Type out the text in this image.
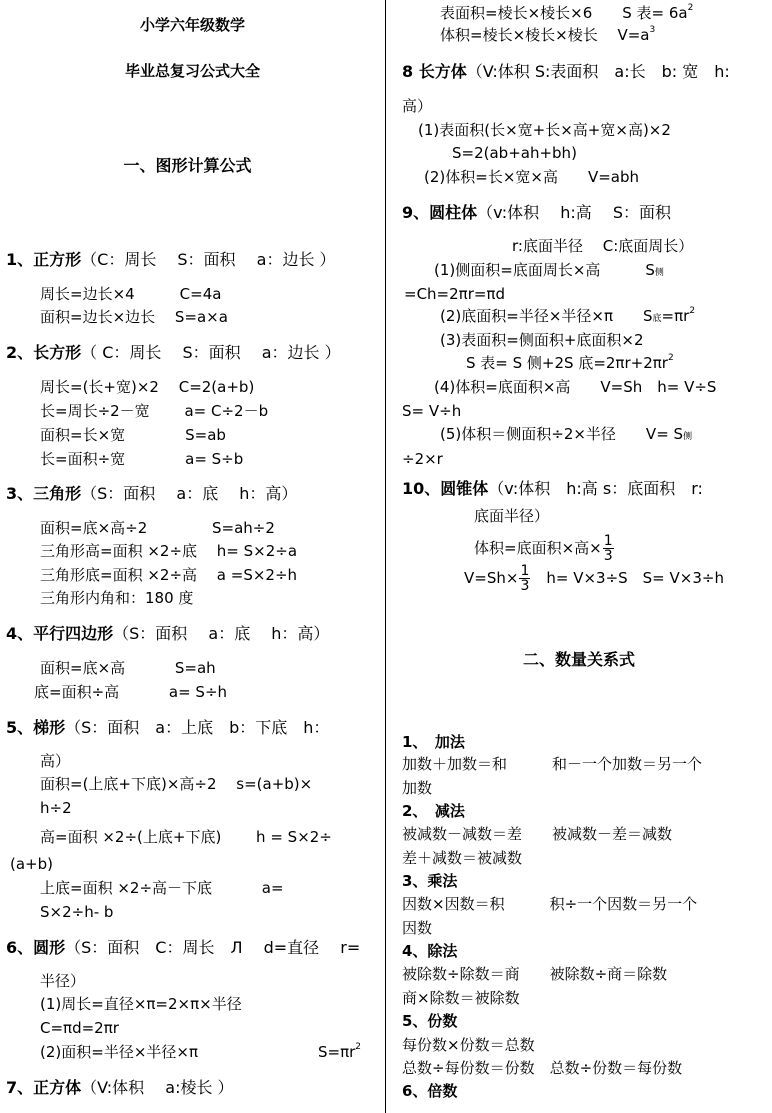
小学六年级数学
毕业总复习公式大全
一、图形计算公式
1、正方形（C：周长　 S：面积　 a：边长 ）
周长=边长×4　　　C=4a
面积=边长×边长　 S=a×a
2、长方形（ C：周长　 S：面积　 a：边长 ）
周长=(长+宽)×2　 C=2(a+b)
长=周长÷2－宽　　 a= C÷2－b
面积=长×宽　　　　S=ab
长=面积÷宽　　　　a= S÷b
3、三角形（S：面积　 a：底　 h：高）
面积=底×高÷2　　　　 S=ah÷2
三角形高=面积 ×2÷底　 h= S×2÷a
三角形底=面积 ×2÷高　 a =S×2÷h
三角形内角和：180 度
4、平行四边形（S：面积　 a：底　 h：高）
面积=底×高　　　 S=ah
底=面积÷高　　　 a= S÷h
5、梯形（S：面积　a：上底　b：下底　h：
高）
面积=(上底+下底)×高÷2　 s=(a+b)×
h÷2
高=面积 ×2÷(上底+下底)　　 h = S×2÷
(a+b)
上底=面积 ×2÷高－下底　　　 a=
S×2÷h- b
6、圆形（S：面积　C：周长　Л　 d=直径　 r=
半径）
(1)周长=直径×π=2×π×半径
C=πd=2πr
(2)面积=半径×半径×π	$S=\pi r^2$
7、正方体（V:体积　 a:棱长 ）
表面积=棱长×棱长×6　　S 表= $6a^2$
体积=棱长×棱长×棱长　 $V=a^3$
8 长方体（V:体积 S:表面积　a:长　b: 宽　h:
高）
(1)表面积(长×宽+长×高+宽×高)×2
S=2(ab+ah+bh)
(2)体积=长×宽×高　　V=abh
9、圆柱体（v:体积　 h:高　 S：面积
r:底面半径　 C:底面周长）
(1)侧面积=底面周长×高　　　S侧
=Ch=2πr=πd
(2)底面积=半径×半径×π　　S底$=\pi r^2$
(3)表面积=侧面积+底面积×2
S 表= S 侧+2S 底$=2\pi r+2\pi r^2$
(4)体积=底面积×高　　V=Sh　h= V÷S
S= V÷h
(5)体积＝侧面积÷2×半径　　V= S侧
÷2×r
10、圆锥体（v:体积　h:高 s：底面积　r:
底面半径）
体积=底面积×高× $\frac{1}{3}$
$V=Sh\times \frac{1}{3}$ 　h= V×3÷S　S= V×3÷h
二、数量关系式
1、　加法
加数＋加数＝和　　　和－一个加数＝另一个
加数
2、　减法
被减数－减数＝差　　被减数－差＝减数
差＋减数＝被减数
3、乘法
因数×因数＝积　　　积÷一个因数＝另一个
因数
4、除法
被除数÷除数＝商　　被除数÷商＝除数
商×除数＝被除数
5、份数
每份数×份数＝总数
总数÷每份数＝份数　总数÷份数＝每份数
6、倍数
